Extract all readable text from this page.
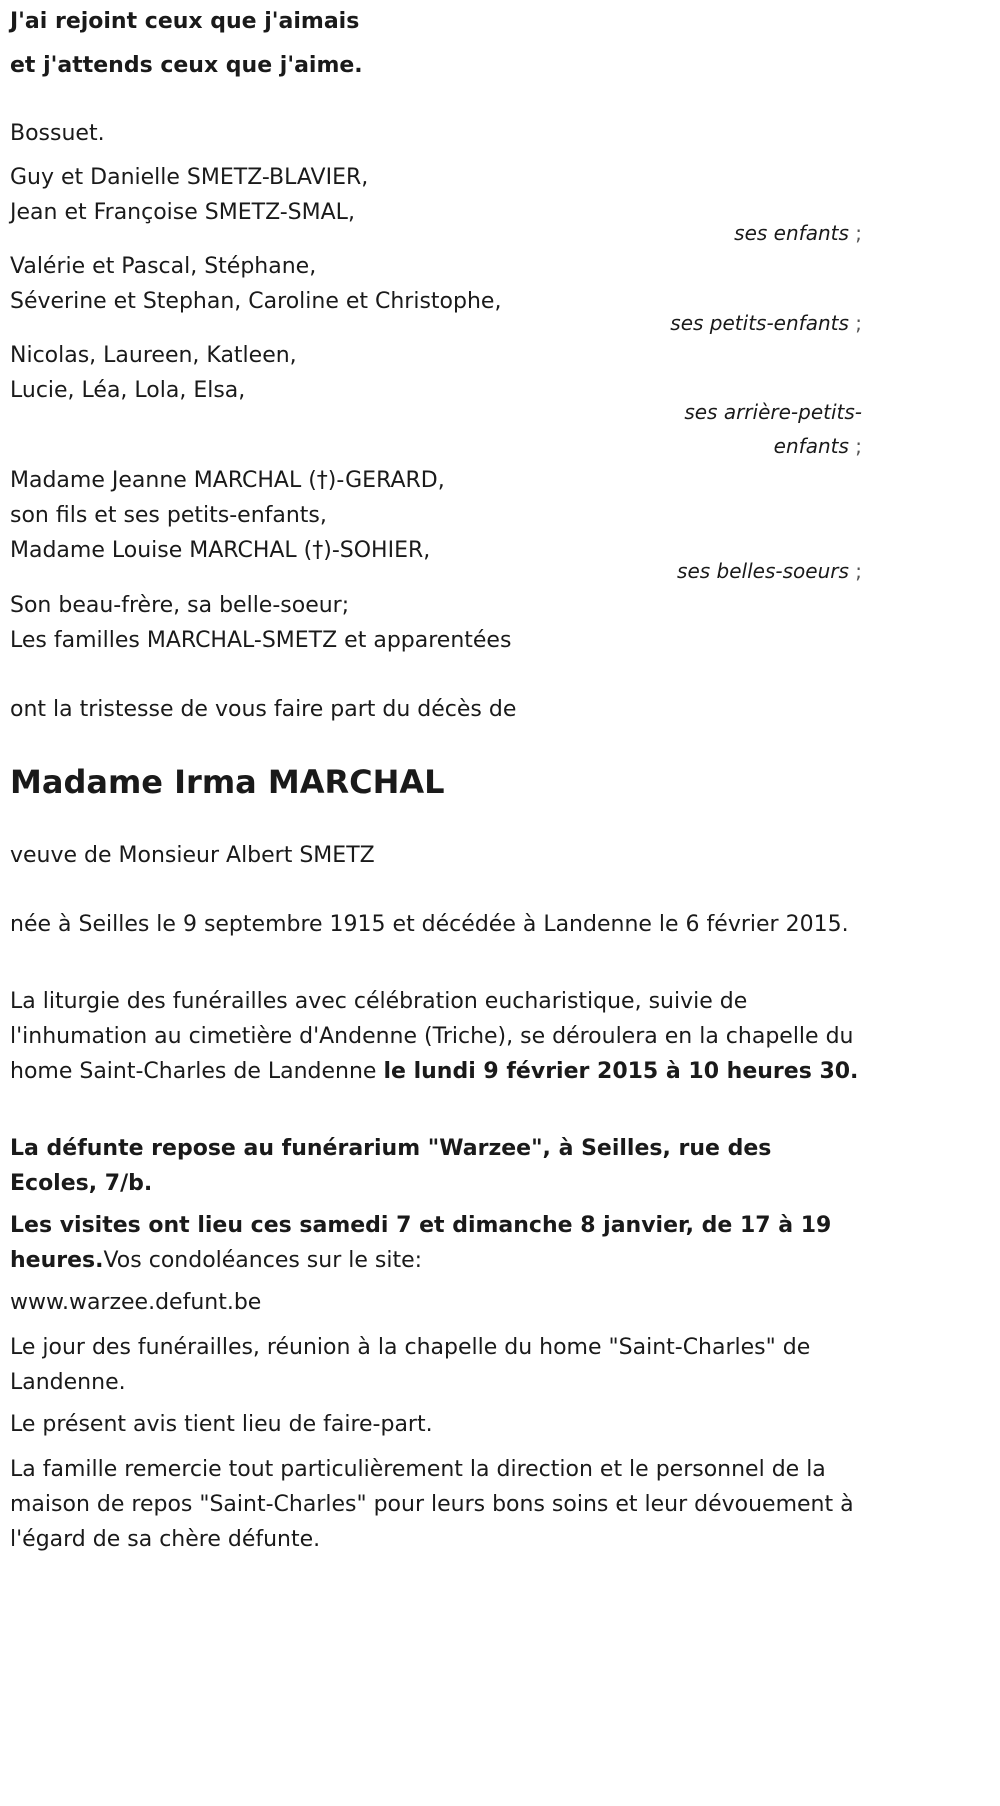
J'ai rejoint ceux que j'aimais
et j'attends ceux que j'aime.
Bossuet.
Guy et Danielle SMETZ-BLAVIER,
Jean et Françoise SMETZ-SMAL,
ses enfants ;
Valérie et Pascal, Stéphane,
Séverine et Stephan, Caroline et Christophe,
ses petits-enfants ;
Nicolas, Laureen, Katleen,
Lucie, Léa, Lola, Elsa,
ses arrière-petits-
enfants ;
Madame Jeanne MARCHAL (†)-GERARD,
son fils et ses petits-enfants,
Madame Louise MARCHAL (†)-SOHIER,
ses belles-soeurs ;
Son beau-frère, sa belle-soeur;
Les familles MARCHAL-SMETZ et apparentées
ont la tristesse de vous faire part du décès de
Madame Irma MARCHAL
veuve de Monsieur Albert SMETZ
née à Seilles le 9 septembre 1915 et décédée à Landenne le 6 février 2015.
La liturgie des funérailles avec célébration eucharistique, suivie de l'inhumation au cimetière d'Andenne (Triche), se déroulera en la chapelle du home Saint-Charles de Landenne le lundi 9 février 2015 à 10 heures 30.
La défunte repose au funérarium "Warzee", à Seilles, rue des Ecoles, 7/b.
Les visites ont lieu ces samedi 7 et dimanche 8 janvier, de 17 à 19 heures.Vos condoléances sur le site:
www.warzee.defunt.be
Le jour des funérailles, réunion à la chapelle du home "Saint-Charles" de Landenne.
Le présent avis tient lieu de faire-part.
La famille remercie tout particulièrement la direction et le personnel de la maison de repos "Saint-Charles" pour leurs bons soins et leur dévouement à l'égard de sa chère défunte.
